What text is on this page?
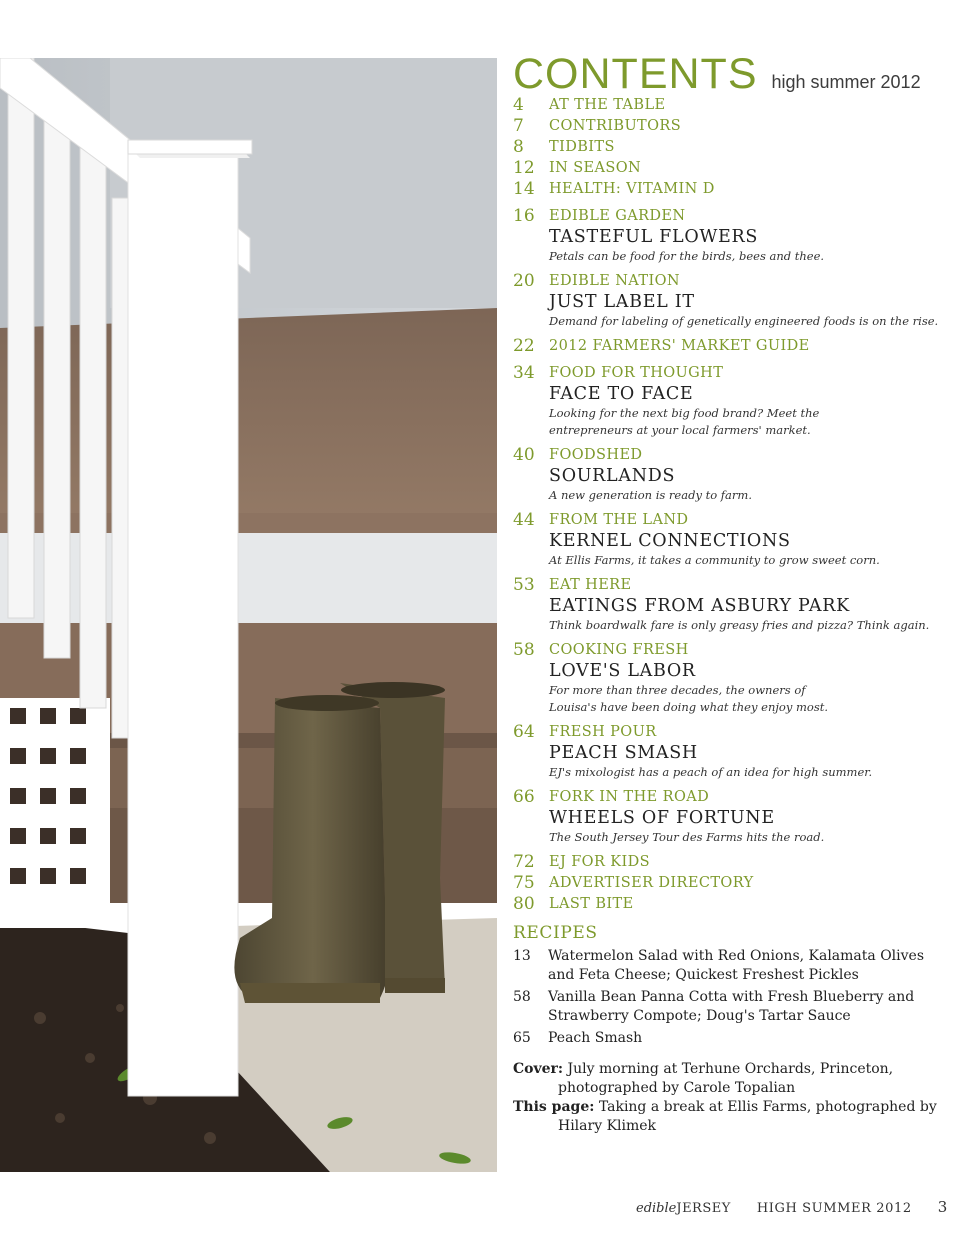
CONTENTS high summer 2012
4	AT THE TABLE
7	CONTRIBUTORS
8	TIDBITS
12 IN SEASON
14 HEALTH: VITAMIN D
16 EDIBLE GARDEN
TASTEFUL FLOWERS
Petals can be food for the birds, bees and thee.
20 EDIBLE NATION
JUST LABEL IT
Demand for labeling of genetically engineered foods is on the rise.
22 2012 FARMERS' MARKET GUIDE
34 FOOD FOR THOUGHT
FACE TO FACE
Looking for the next big food brand? Meet the entrepreneurs at your local farmers' market.
40 FOODSHED
SOURLANDS
A new generation is ready to farm.
44 FROM THE LAND
KERNEL CONNECTIONS
At Ellis Farms, it takes a community to grow sweet corn.
53 EAT HERE
EATINGS FROM ASBURY PARK
Think boardwalk fare is only greasy fries and pizza? Think again.
58 COOKING FRESH
LOVE'S LABOR
For more than three decades, the owners of Louisa's have been doing what they enjoy most.
64 FRESH POUR
PEACH SMASH
EJ's mixologist has a peach of an idea for high summer.
66 FORK IN THE ROAD
WHEELS OF FORTUNE
The South Jersey Tour des Farms hits the road.
72 EJ FOR KIDS
75 ADVERTISER DIRECTORY
80 LAST BITE
RECIPES
13	Watermelon Salad with Red Onions, Kalamata Olives and Feta Cheese; Quickest Freshest Pickles
58	Vanilla Bean Panna Cotta with Fresh Blueberry and Strawberry Compote; Doug's Tartar Sauce
65	Peach Smash
Cover: July morning at Terhune Orchards, Princeton,
photographed by Carole Topalian
This page: Taking a break at Ellis Farms, photographed by
Hilary Klimek
edible JERSEY HIGH SUMMER 2012 3
